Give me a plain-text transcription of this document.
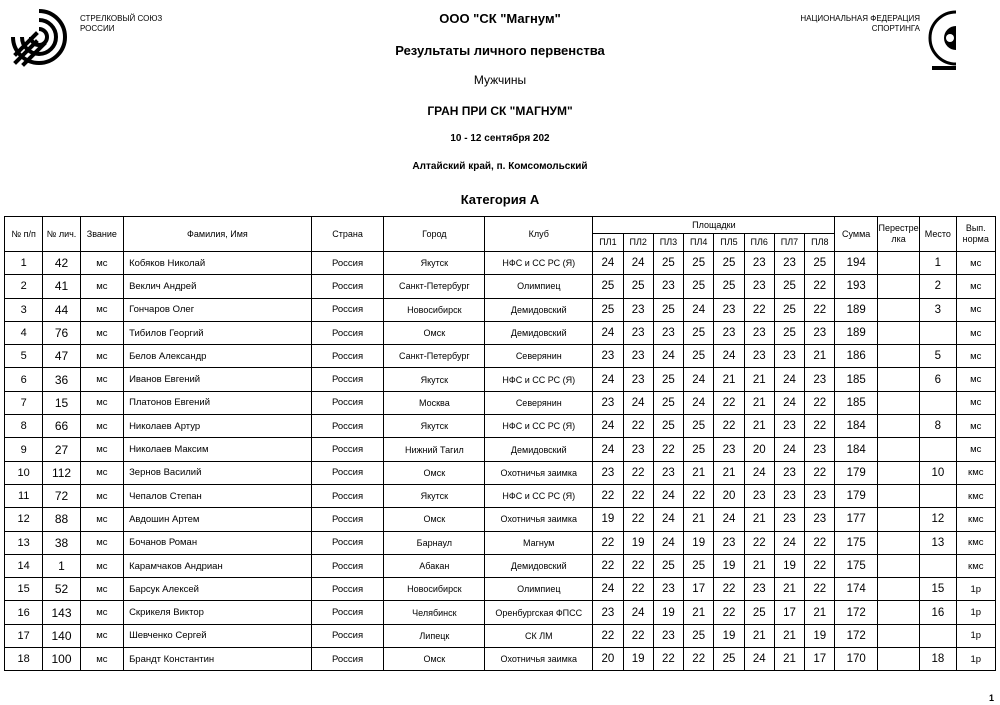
СТРЕЛКОВЫЙ СОЮЗ
РОССИИ
НАЦИОНАЛЬНАЯ ФЕДЕРАЦИЯ
СПОРТИНГА
ООО "СК "Магнум"
Результаты личного первенства
Мужчины
ГРАН ПРИ СК "МАГНУМ"
10 - 12 сентября 202
Алтайский край, п. Комсомольский
Категория А
№ п/п	№ лич.	Звание	Фамилия, Имя	Страна	Город	Клуб	Площадки								Сумма	Перестрелка	Место	Вып. норма
							ПЛ1	ПЛ2	ПЛ3	ПЛ4	ПЛ5	ПЛ6	ПЛ7	ПЛ8				
1	42	мс	Кобяков Николай	Россия	Якутск	НФС и СС РС (Я)	24	24	25	25	25	23	23	25	194		1	мс
2	41	мс	Веклич Андрей	Россия	Санкт-Петербург	Олимпиец	25	25	23	25	25	23	25	22	193		2	мс
3	44	мс	Гончаров Олег	Россия	Новосибирск	Демидовский	25	23	25	24	23	22	25	22	189		3	мс
4	76	мс	Тибилов Георгий	Россия	Омск	Демидовский	24	23	23	25	23	23	25	23	189			мс
5	47	мс	Белов Александр	Россия	Санкт-Петербург	Северянин	23	23	24	25	24	23	23	21	186		5	мс
6	36	мс	Иванов Евгений	Россия	Якутск	НФС и СС РС (Я)	24	23	25	24	21	21	24	23	185		6	мс
7	15	мс	Платонов Евгений	Россия	Москва	Северянин	23	24	25	24	22	21	24	22	185			мс
8	66	мс	Николаев Артур	Россия	Якутск	НФС и СС РС (Я)	24	22	25	25	22	21	23	22	184		8	мс
9	27	мс	Николаев Максим	Россия	Нижний Тагил	Демидовский	24	23	22	25	23	20	24	23	184			мс
10	112	мс	Зернов Василий	Россия	Омск	Охотничья заимка	23	22	23	21	21	24	23	22	179		10	кмс
11	72	мс	Чепалов Степан	Россия	Якутск	НФС и СС РС (Я)	22	22	24	22	20	23	23	23	179			кмс
12	88	мс	Авдошин Артем	Россия	Омск	Охотничья заимка	19	22	24	21	24	21	23	23	177		12	кмс
13	38	мс	Бочанов Роман	Россия	Барнаул	Магнум	22	19	24	19	23	22	24	22	175		13	кмс
14	1	мс	Карамчаков Андриан	Россия	Абакан	Демидовский	22	22	25	25	19	21	19	22	175			кмс
15	52	мс	Барсук Алексей	Россия	Новосибирск	Олимпиец	24	22	23	17	22	23	21	22	174		15	1р
16	143	мс	Скрикеля Виктор	Россия	Челябинск	Оренбургская ФПСС	23	24	19	21	22	25	17	21	172		16	1р
17	140	мс	Шевченко Сергей	Россия	Липецк	СК ЛМ	22	22	23	25	19	21	21	19	172			1р
18	100	мс	Брандт Константин	Россия	Омск	Охотничья заимка	20	19	22	22	25	24	21	17	170		18	1р
1
